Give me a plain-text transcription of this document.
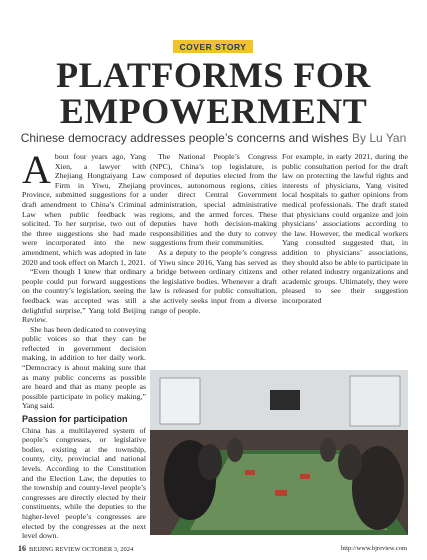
COVER STORY
PLATFORMS FOR
EMPOWERMENT
Chinese democracy addresses people’s concerns and wishes By Lu Yan

About four years ago, Yang Xien, a lawyer with Zhejiang Hongtaiyang Law Firm in Yiwu, Zhejiang Province, submitted suggestions for a draft amendment to China’s Criminal Law when public feedback was solicited. To her surprise, two out of the three suggestions she had made were incorporated into the new amendment, which was adopted in late 2020 and took effect on March 1, 2021.

“Even though I knew that ordinary people could put forward suggestions on the country’s legislation, seeing the feedback was accepted was still a delightful surprise,” Yang told Beijing Review.

She has been dedicated to conveying public voices so that they can be reflected in government decision making, in addition to her daily work. “Democracy is about making sure that as many public concerns as possible are heard and that as many people as possible participate in policy making,” Yang said.

Passion for participation

China has a multilayered system of people’s congresses, or legislative bodies, existing at the township, county, city, provincial and national levels. According to the Constitution and the Election Law, the deputies to the township and county-level people’s congresses are directly elected by their constituents, while the deputies to the higher-level people’s congresses are elected by the congresses at the next level down.

The National People’s Congress (NPC), China’s top legislature, is composed of deputies elected from the provinces, autonomous regions, cities under direct Central Government administration, special administrative regions, and the armed forces. These deputies have both decision-making responsibilities and the duty to convey suggestions from their communities.

As a deputy to the people’s congress of Yiwu since 2016, Yang has served as a bridge between ordinary citizens and the legislative bodies. Whenever a draft law is released for public consultation, she actively seeks input from a diverse range of people.

For example, in early 2021, during the public consultation period for the draft law on protecting the lawful rights and interests of physicians, Yang visited local hospitals to gather opinions from medical professionals. The draft stated that physicians could organize and join physicians’ associations according to the law. However, the medical workers Yang consulted suggested that, in addition to physicians’ associations, they should also be able to participate in other related industry organizations and academic groups. Ultimately, they were pleased to see their suggestion incorporated

16 BEIJING REVIEW OCTOBER 3, 2024	http://www.bjreview.com
